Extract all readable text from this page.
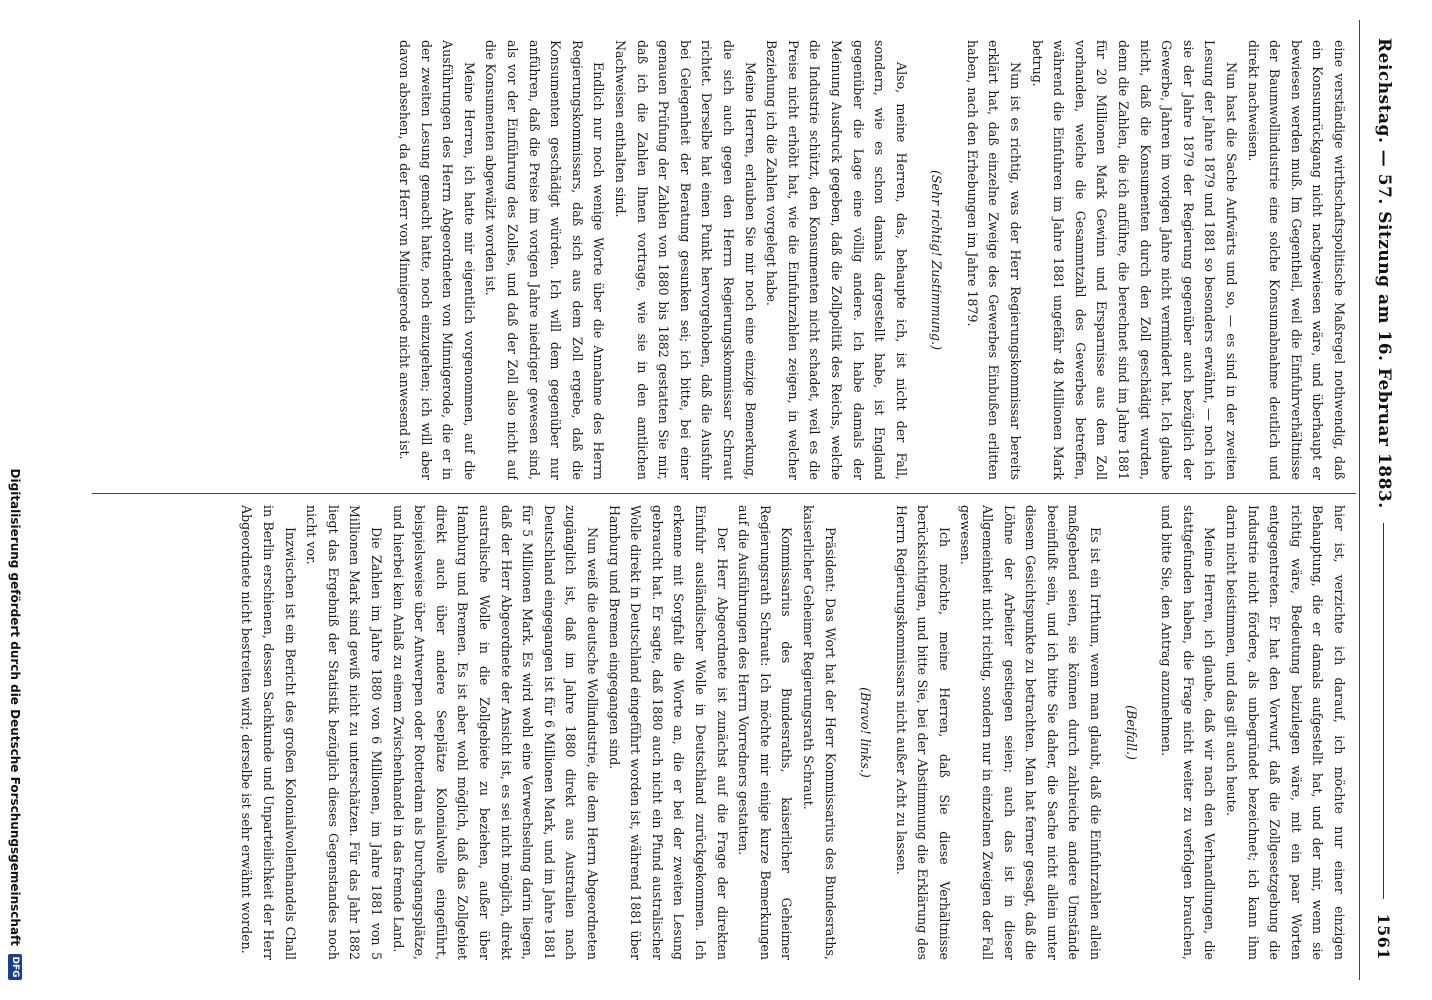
Reichstag. — 57. Sitzung am 16. Februar 1883.
1561

eine verständige wirthschaftspolitische Maßregel nothwendig, daß ein Konsumrückgang nicht nachgewiesen wäre, und überhaupt er bewiesen werden muß. Im Gegentheil, weil die Einfuhrverhältnisse der Baumwollindustrie eine solche Konsumabnahme deutlich und direkt nachweisen.

Nun hast die Sache Aufwärts und so, — es sind in der zweiten Lesung der Jahre 1879 und 1881 so besonders erwähnt, — noch ich sie der Jahre 1879 der Regierung gegenüber auch bezüglich der Gewerbe, Jahren im vorigen Jahre nicht vermindert hat. Ich glaube nicht, daß die Konsumenten durch den Zoll geschädigt wurden, denn die Zahlen, die ich anführe, die berechnet sind im Jahre 1881 für 20 Millionen Mark Gewinn und Ersparnisse aus dem Zoll vorhanden, welche die Gesammtzahl des Gewerbes betreffen, während die Einfuhren im Jahre 1881 ungefähr 48 Millionen Mark betrug.

Nun ist es richtig, was der Herr Regierungskommissar bereits erklärt hat, daß einzelne Zweige des Gewerbes Einbußen erlitten haben, nach den Erhebungen im Jahre 1879.

(Sehr richtig! Zustimmung.)

Also, meine Herren, das, behaupte ich, ist nicht der Fall, sondern, wie es schon damals dargestellt habe, ist England gegenüber die Lage eine völlig andere. Ich habe damals der Meinung Ausdruck gegeben, daß die Zollpolitik des Reichs, welche die Industrie schützt, den Konsumenten nicht schadet, weil es die Preise nicht erhöht hat, wie die Einfuhrzahlen zeigen, in welcher Beziehung ich die Zahlen vorgelegt habe.

Meine Herren, erlauben Sie mir noch eine einzige Bemerkung, die sich auch gegen den Herrn Regierungskommissar Schraut richtet. Derselbe hat einen Punkt hervorgehoben, daß die Ausfuhr bei Gelegenheit der Beratung gesunken sei; ich bitte, bei einer genauen Prüfung der Zahlen von 1880 bis 1882 gestatten Sie mir, daß ich die Zahlen Ihnen vortrage, wie sie in den amtlichen Nachweisen enthalten sind.

Endlich nur noch wenige Worte über die Annahme des Herrn Regierungskommissars, daß sich aus dem Zoll ergebe, daß die Konsumenten geschädigt würden. Ich will dem gegenüber nur anführen, daß die Preise im vorigen Jahre niedriger gewesen sind, als vor der Einführung des Zolles, und daß der Zoll also nicht auf die Konsumenten abgewälzt worden ist.

Meine Herren, ich hatte mir eigentlich vorgenommen, auf die Ausführungen des Herrn Abgeordneten von Minnigerode, die er in der zweiten Lesung gemacht hatte, noch einzugehen; ich will aber davon absehen, da der Herr von Minnigerode nicht anwesend ist.

hier ist, verzichte ich darauf, ich möchte nur einer einzigen Behauptung, die er damals aufgestellt hat, und der mir, wenn sie richtig wäre, Bedeutung beizulegen wäre, mit ein paar Worten entgegentreten. Er hat den Vorwurf, daß die Zollgesetzgebung die Industrie nicht fördere, als unbegründet bezeichnet; ich kann ihm darin nicht beistimmen, und das gilt auch heute.

Meine Herren, ich glaube, daß wir nach den Verhandlungen, die stattgefunden haben, die Frage nicht weiter zu verfolgen brauchen, und bitte Sie, den Antrag anzunehmen.

(Beifall.)

Es ist ein Irrthum, wenn man glaubt, daß die Einfuhrzahlen allein maßgebend seien, sie können durch zahlreiche andere Umstände beeinflußt sein, und ich bitte Sie daher, die Sache nicht allein unter diesem Gesichtspunkte zu betrachten. Man hat ferner gesagt, daß die Löhne der Arbeiter gestiegen seien; auch das ist in dieser Allgemeinheit nicht richtig, sondern nur in einzelnen Zweigen der Fall gewesen.

Ich möchte, meine Herren, daß Sie diese Verhältnisse berücksichtigen, und bitte Sie, bei der Abstimmung die Erklärung des Herrn Regierungskommissars nicht außer Acht zu lassen.

(Bravo! links.)

Präsident: Das Wort hat der Herr Kommissarius des Bundesraths, kaiserlicher Geheimer Regierungsrath Schraut.

Kommissarius des Bundesraths, kaiserlicher Geheimer Regierungsrath Schraut: Ich möchte mir einige kurze Bemerkungen auf die Ausführungen des Herrn Vorredners gestatten.

Der Herr Abgeordnete ist zunächst auf die Frage der direkten Einfuhr ausländischer Wolle in Deutschland zurückgekommen. Ich erkenne mit Sorgfalt die Worte an, die er bei der zweiten Lesung gebraucht hat. Er sagte, daß 1880 auch nicht ein Pfund australischer Wolle direkt in Deutschland eingeführt worden ist, während 1881 über Hamburg und Bremen eingegangen sind.

Nun weiß die deutsche Wollindustrie, die dem Herrn Abgeordneten zugänglich ist, daß im Jahre 1880 direkt aus Australien nach Deutschland eingegangen ist für 6 Millionen Mark, und im Jahre 1881 für 5 Millionen Mark. Es wird wohl eine Verwechselung darin liegen, daß der Herr Abgeordnete der Ansicht ist, es sei nicht möglich, direkt australische Wolle in die Zollgebiete zu beziehen, außer über Hamburg und Bremen. Es ist aber wohl möglich, daß das Zollgebiet direkt auch über andere Seeplätze Kolonialwolle eingeführt, beispielsweise über Antwerpen oder Rotterdam als Durchgangsplätze, und hierbei kein Anlaß zu einem Zwischenhandel in das fremde Land.

Die Zahlen im Jahre 1880 von 6 Millionen, im Jahre 1881 von 5 Millionen Mark sind gewiß nicht zu unterschätzen. Für das Jahr 1882 liegt das Ergebniß der Statistik bezüglich dieses Gegenstandes noch nicht vor.

Inzwischen ist ein Bericht des großen Kolonialwollenhandels Chall in Berlin erschienen, dessen Sachkunde und Unparteilichkeit der Herr Abgeordnete nicht bestreiten wird; derselbe ist sehr erwähnt worden.

Digitalisierung gefördert durch die Deutsche Forschungsgemeinschaft
DFG
